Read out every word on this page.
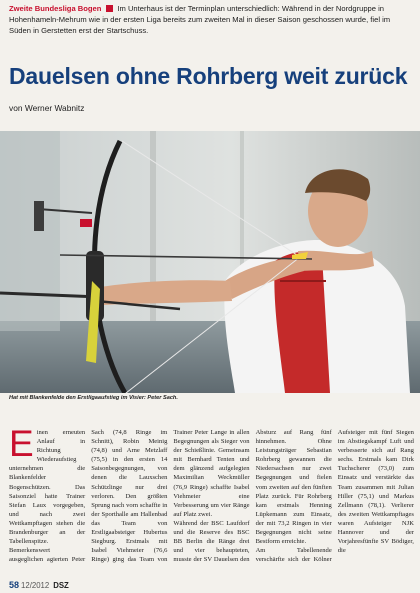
Zweite Bundesliga Bogen Im Unterhaus ist der Terminplan unterschiedlich: Während in der Nordgruppe in Hohenhameln-Mehrum wie in der ersten Liga bereits zum zweiten Mal in dieser Saison geschossen wurde, fiel im Süden in Gerstetten erst der Startschuss.
Dauelsen ohne Rohrberg weit zurück
von Werner Wabnitz
Hat mit Blankenfelde den Erstligaaufstieg im Visier: Peter Sach.
E inen erneuten Anlauf in Richtung Wiederaufstieg unternehmen die Blankenfelder Bogenschützen. Das Saisonziel hatte Trainer Stefan Laux vorgegeben, und nach zwei Wettkampftagen stehen die Brandenburger an der Tabellenspitze. Bemerkenswert ausgeglichen agierten Peter Sach (74,8 Ringe im Schnitt), Robin Meinig (74,8) und Arne Metzlaff (75,5) in den ersten 14 Saisonbegegnungen, von denen die Lauxschen Schützlinge nur drei verloren. Den größten Sprung nach vorn schaffte in der Sporthalle am Hallenbad das Team von Erstligaabsteiger Hubertus Siegburg. Erstmals mit Isabel Viehmeier (76,6 Ringe) ging das Team von Trainer Peter Lange in allen Begegnungen als Sieger von der Schießlinie. Gemeinsam mit Bernhard Tenten und dem glänzend aufgelegten Maximilian Weckmüller (76,9 Ringe) schaffte Isabel Viehmeier eine Verbesserung um vier Ränge auf Platz zwei.

Während der BSC Laufdorf und die Reserve des BSC BB Berlin die Ränge drei und vier behaupteten, musste der SV Dauelsen den Absturz auf Rang fünf hinnehmen. Ohne Leistungsträger Sebastian Rohrberg gewannen die Niedersachsen nur zwei Begegnungen und fielen vom zweiten auf den fünften Platz zurück. Für Rohrberg kam erstmals Henning Lüpkemann zum Einsatz, der mit 73,2 Ringen in vier Begegnungen nicht seine Bestform erreichte.

Am Tabellenende verschärfte sich der Kölner Aufsteiger mit fünf Siegen im Abstiegskampf Luft und verbesserte sich auf Rang sechs. Erstmals kam Dirk Tuchscherer (73,0) zum Einsatz und verstärkte das Team zusammen mit Julian Hiller (75,1) und Markus Zellmann (78,1). Verlierer des zweiten Wettkampftages waren Aufsteiger NJK Hannover und der Vorjahresfünfte SV Bödiger, die

58 12/2012 DSZ
